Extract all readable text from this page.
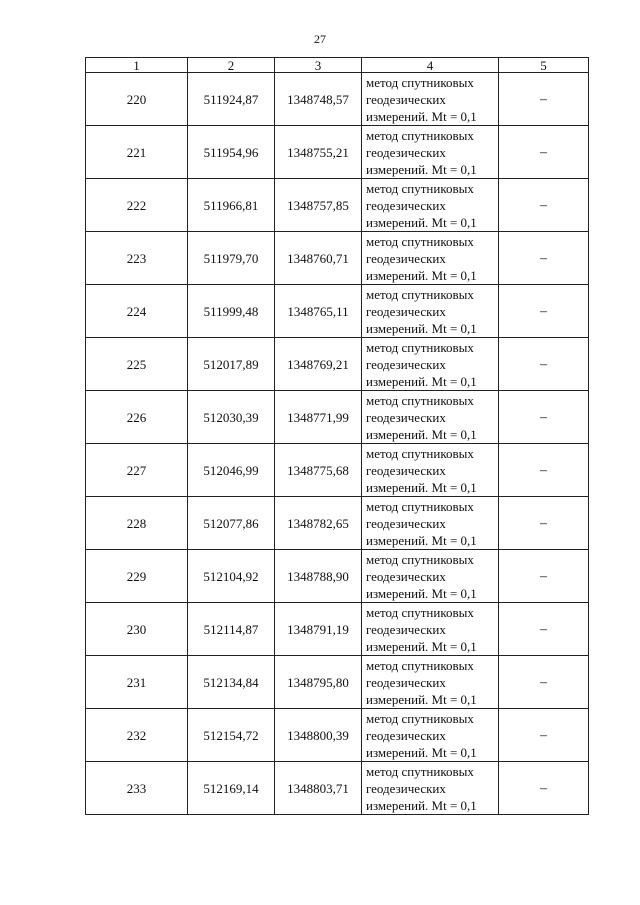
27
1	2	3	4	5
220	511924,87	1348748,57	метод спутниковых
геодезических
измерений. Mt = 0,1	–
221	511954,96	1348755,21	метод спутниковых
геодезических
измерений. Mt = 0,1	–
222	511966,81	1348757,85	метод спутниковых
геодезических
измерений. Mt = 0,1	–
223	511979,70	1348760,71	метод спутниковых
геодезических
измерений. Mt = 0,1	–
224	511999,48	1348765,11	метод спутниковых
геодезических
измерений. Mt = 0,1	–
225	512017,89	1348769,21	метод спутниковых
геодезических
измерений. Mt = 0,1	–
226	512030,39	1348771,99	метод спутниковых
геодезических
измерений. Mt = 0,1	–
227	512046,99	1348775,68	метод спутниковых
геодезических
измерений. Mt = 0,1	–
228	512077,86	1348782,65	метод спутниковых
геодезических
измерений. Mt = 0,1	–
229	512104,92	1348788,90	метод спутниковых
геодезических
измерений. Mt = 0,1	–
230	512114,87	1348791,19	метод спутниковых
геодезических
измерений. Mt = 0,1	–
231	512134,84	1348795,80	метод спутниковых
геодезических
измерений. Mt = 0,1	–
232	512154,72	1348800,39	метод спутниковых
геодезических
измерений. Mt = 0,1	–
233	512169,14	1348803,71	метод спутниковых
геодезических
измерений. Mt = 0,1	–
